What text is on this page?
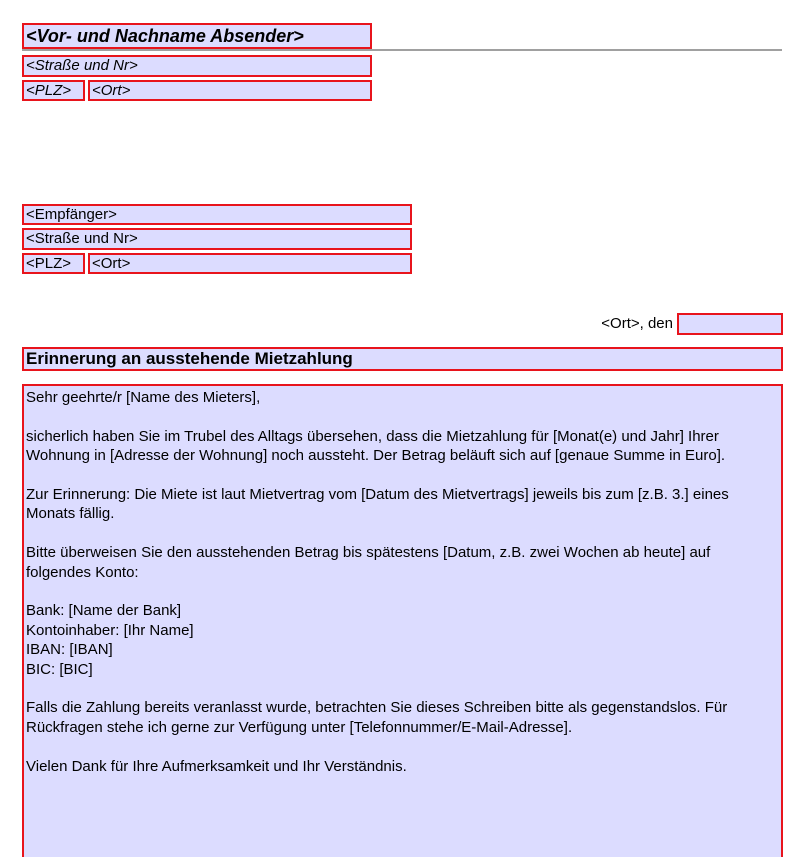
<Vor- und Nachname Absender>
<Straße und Nr>
<PLZ>	<Ort>
<Empfänger>
<Straße und Nr>
<PLZ>	<Ort>
<Ort>, den
Erinnerung an ausstehende Mietzahlung

Sehr geehrte/r [Name des Mieters],

sicherlich haben Sie im Trubel des Alltags übersehen, dass die Mietzahlung für [Monat(e) und Jahr] Ihrer Wohnung in [Adresse der Wohnung] noch aussteht. Der Betrag beläuft sich auf [genaue Summe in Euro].

Zur Erinnerung: Die Miete ist laut Mietvertrag vom [Datum des Mietvertrags] jeweils bis zum [z.B. 3.] eines Monats fällig.

Bitte überweisen Sie den ausstehenden Betrag bis spätestens [Datum, z.B. zwei Wochen ab heute] auf folgendes Konto:

Bank: [Name der Bank]
Kontoinhaber: [Ihr Name]
IBAN: [IBAN]
BIC: [BIC]

Falls die Zahlung bereits veranlasst wurde, betrachten Sie dieses Schreiben bitte als gegenstandslos. Für Rückfragen stehe ich gerne zur Verfügung unter [Telefonnummer/E-Mail-Adresse].

Vielen Dank für Ihre Aufmerksamkeit und Ihr Verständnis.
